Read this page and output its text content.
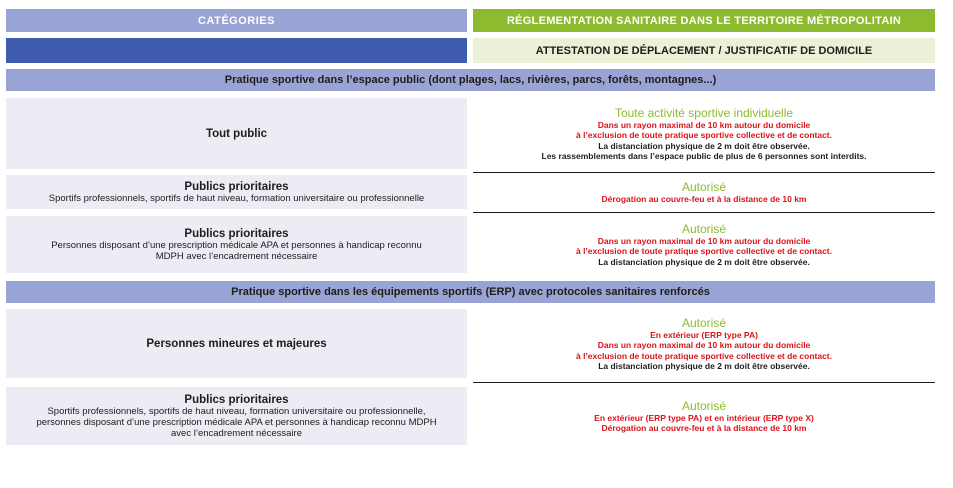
CATÉGORIES	RÉGLEMENTATION SANITAIRE DANS LE TERRITOIRE MÉTROPOLITAIN
ATTESTATION DE DÉPLACEMENT / JUSTIFICATIF DE DOMICILE
Pratique sportive dans l’espace public (dont plages, lacs, rivières, parcs, forêts, montagnes...)
Tout public
Toute activité sportive individuelle
Dans un rayon maximal de 10 km autour du domicile
à l’exclusion de toute pratique sportive collective et de contact.
La distanciation physique de 2 m doit être observée.
Les rassemblements dans l’espace public de plus de 6 personnes sont interdits.
Publics prioritaires
Sportifs professionnels, sportifs de haut niveau, formation universitaire ou professionnelle
Autorisé
Dérogation au couvre-feu et à la distance de 10 km
Publics prioritaires
Personnes disposant d’une prescription médicale APA et personnes à handicap reconnu
MDPH avec l’encadrement nécessaire
Autorisé
Dans un rayon maximal de 10 km autour du domicile
à l’exclusion de toute pratique sportive collective et de contact.
La distanciation physique de 2 m doit être observée.
Pratique sportive dans les équipements sportifs (ERP) avec protocoles sanitaires renforcés
Personnes mineures et majeures
Autorisé
En extérieur (ERP type PA)
Dans un rayon maximal de 10 km autour du domicile
à l’exclusion de toute pratique sportive collective et de contact.
La distanciation physique de 2 m doit être observée.
Publics prioritaires
Sportifs professionnels, sportifs de haut niveau, formation universitaire ou professionnelle,
personnes disposant d’une prescription médicale APA et personnes à handicap reconnu MDPH
avec l’encadrement nécessaire
Autorisé
En extérieur (ERP type PA) et en intérieur (ERP type X)
Dérogation au couvre-feu et à la distance de 10 km
